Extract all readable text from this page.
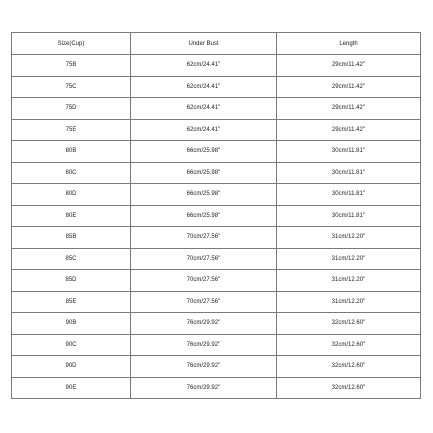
Size(Cup)	Under Bust	Length
75B	62cm/24.41''	29cm/11.42''
75C	62cm/24.41''	29cm/11.42''
75D	62cm/24.41''	29cm/11.42''
75E	62cm/24.41''	29cm/11.42''
80B	66cm/25.98''	30cm/11.81''
80C	66cm/25.98''	30cm/11.81''
80D	66cm/25.98''	30cm/11.81''
80E	66cm/25.98''	30cm/11.81''
85B	70cm/27.56''	31cm/12.20''
85C	70cm/27.56''	31cm/12.20''
85D	70cm/27.56''	31cm/12.20''
85E	70cm/27.56''	31cm/12.20''
90B	76cm/29.92''	32cm/12.60''
90C	76cm/29.92''	32cm/12.60''
90D	76cm/29.92''	32cm/12.60''
90E	76cm/29.92''	32cm/12.60''
